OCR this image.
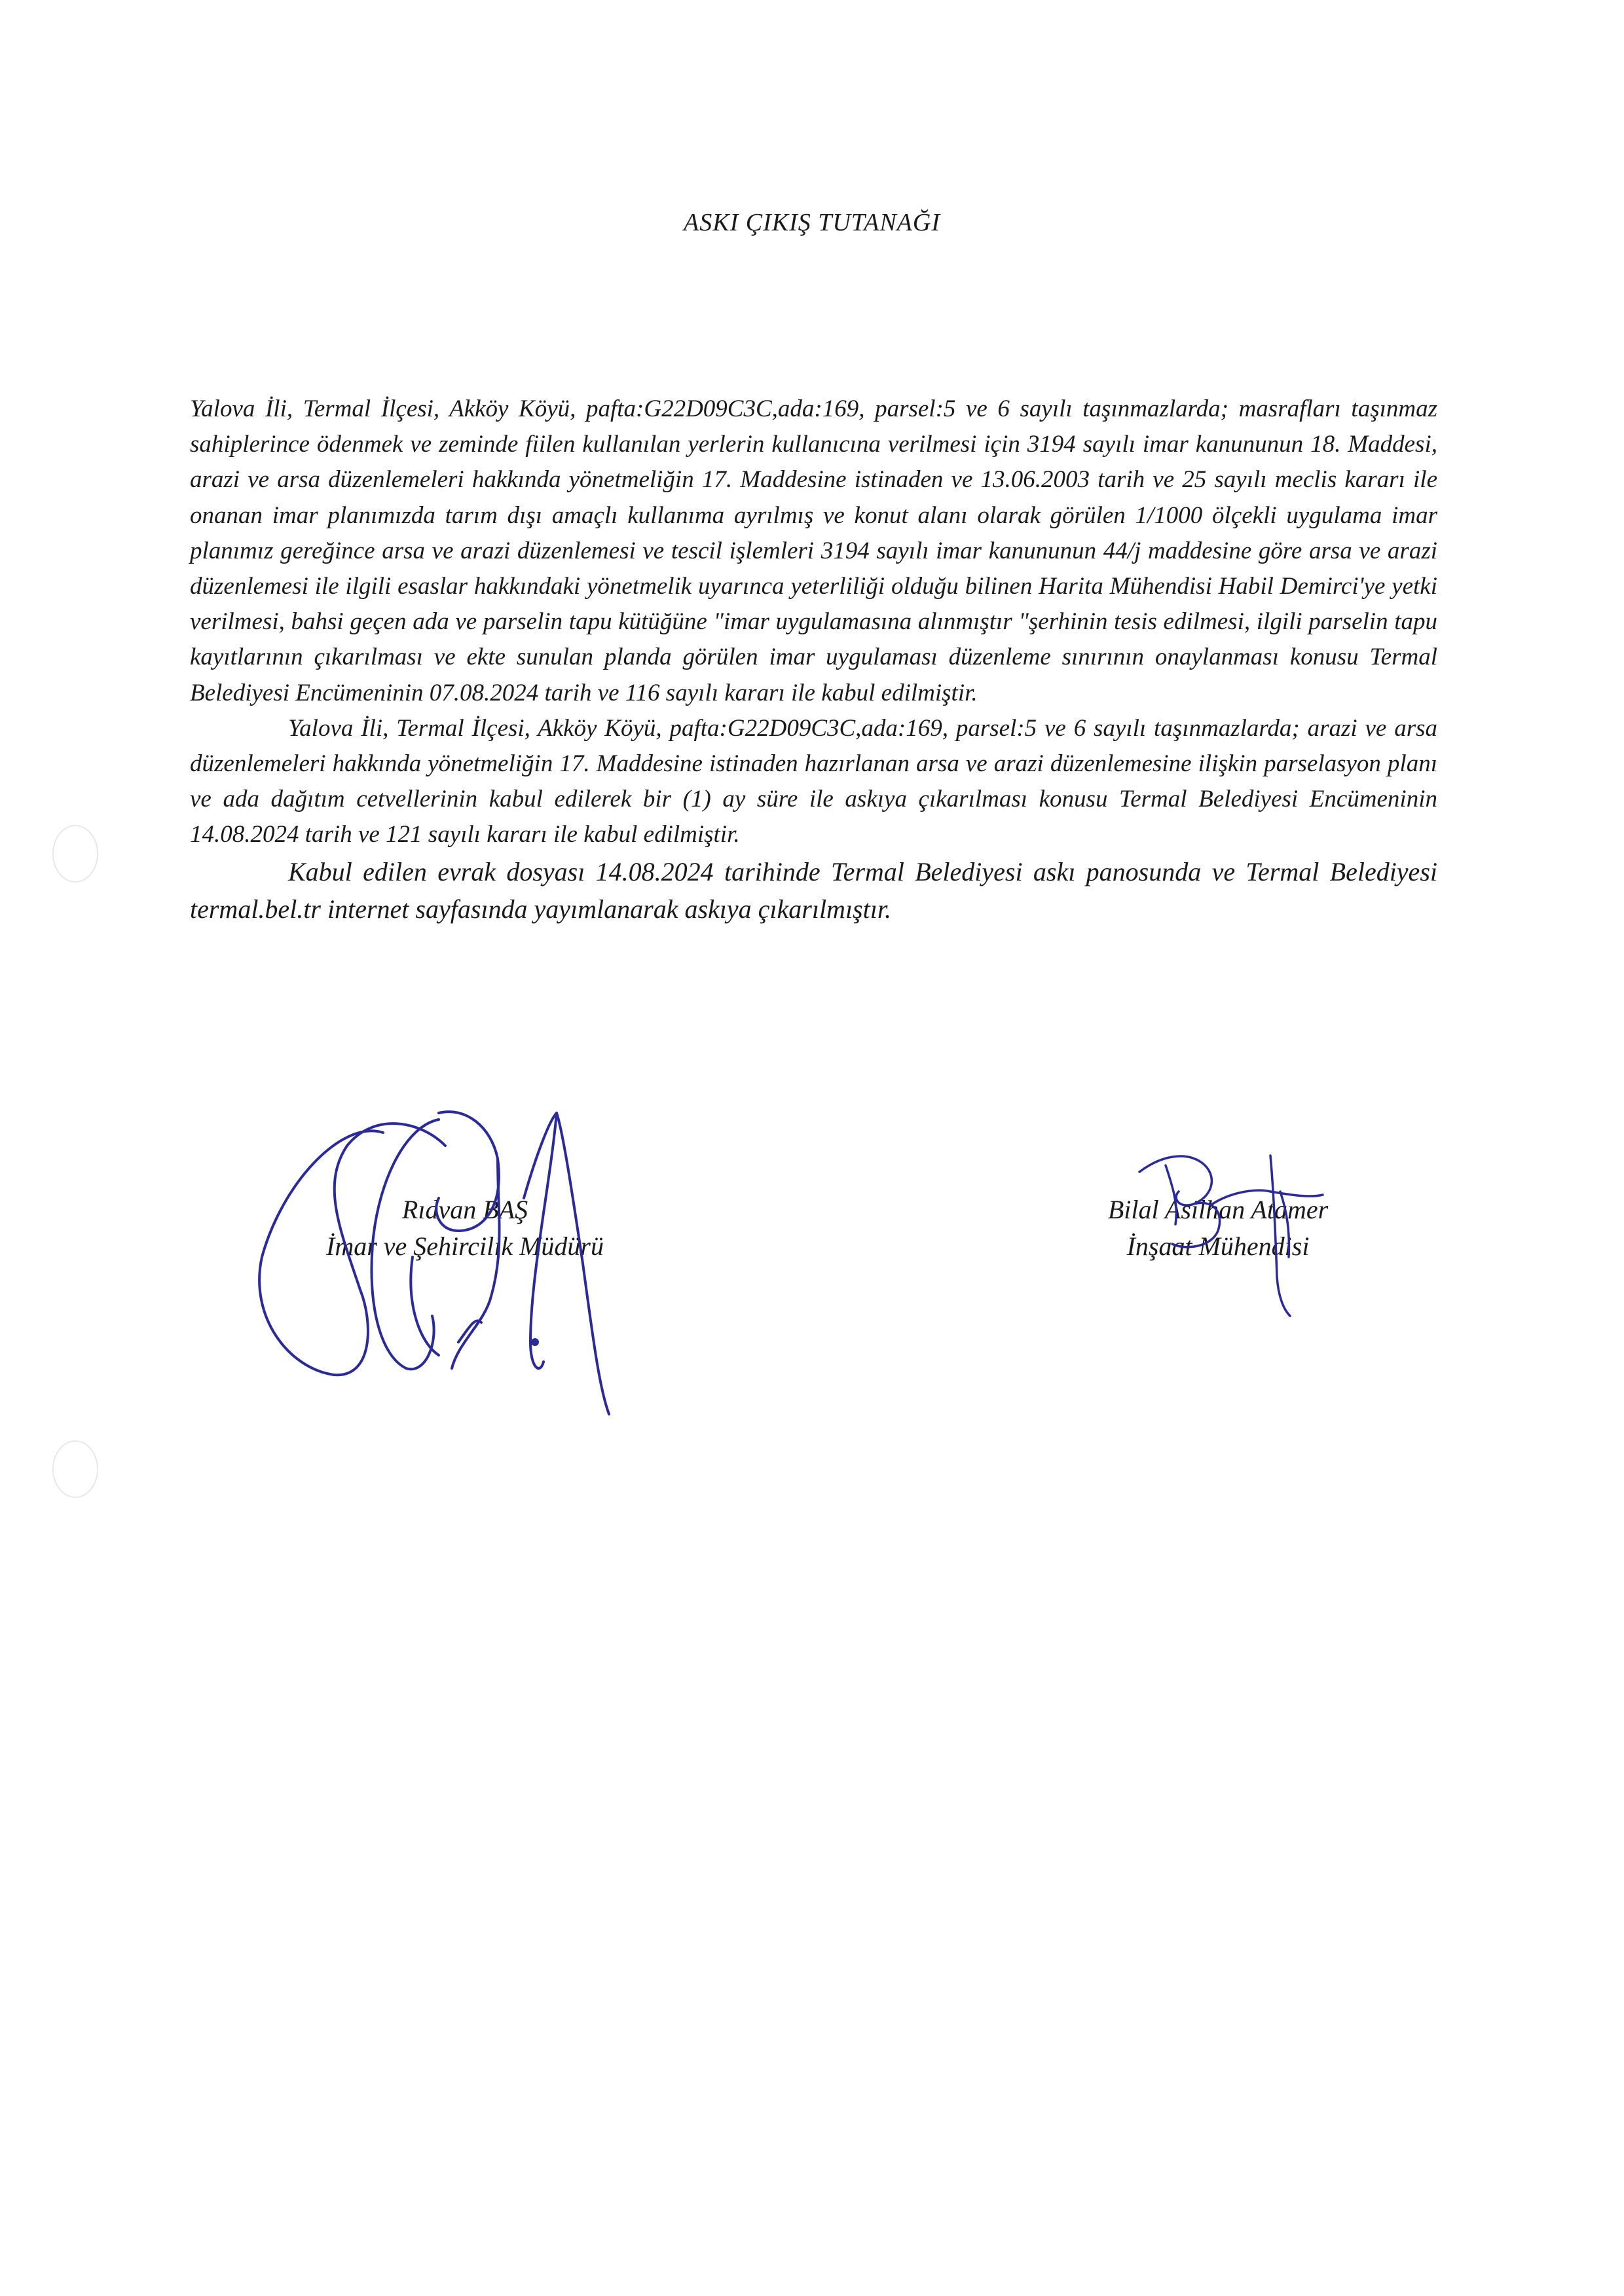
ASKI ÇIKIŞ TUTANAĞI

Yalova İli, Termal İlçesi, Akköy Köyü, pafta:G22D09C3C,ada:169, parsel:5 ve 6 sayılı taşınmazlarda; masrafları taşınmaz sahiplerince ödenmek ve zeminde fiilen kullanılan yerlerin kullanıcına verilmesi için 3194 sayılı imar kanununun 18. Maddesi, arazi ve arsa düzenlemeleri hakkında yönetmeliğin 17. Maddesine istinaden ve 13.06.2003 tarih ve 25 sayılı meclis kararı ile onanan imar planımızda tarım dışı amaçlı kullanıma ayrılmış ve konut alanı olarak görülen 1/1000 ölçekli uygulama imar planımız gereğince arsa ve arazi düzenlemesi ve tescil işlemleri 3194 sayılı imar kanununun 44/j maddesine göre arsa ve arazi düzenlemesi ile ilgili esaslar hakkındaki yönetmelik uyarınca yeterliliği olduğu bilinen Harita Mühendisi Habil Demirci'ye yetki verilmesi, bahsi geçen ada ve parselin tapu kütüğüne "imar uygulamasına alınmıştır "şerhinin tesis edilmesi, ilgili parselin tapu kayıtlarının çıkarılması ve ekte sunulan planda görülen imar uygulaması düzenleme sınırının onaylanması konusu Termal Belediyesi Encümeninin 07.08.2024 tarih ve 116 sayılı kararı ile kabul edilmiştir.

Yalova İli, Termal İlçesi, Akköy Köyü, pafta:G22D09C3C,ada:169, parsel:5 ve 6 sayılı taşınmazlarda; arazi ve arsa düzenlemeleri hakkında yönetmeliğin 17. Maddesine istinaden hazırlanan arsa ve arazi düzenlemesine ilişkin parselasyon planı ve ada dağıtım cetvellerinin kabul edilerek bir (1) ay süre ile askıya çıkarılması konusu Termal Belediyesi Encümeninin 14.08.2024 tarih ve 121 sayılı kararı ile kabul edilmiştir.

Kabul edilen evrak dosyası 14.08.2024 tarihinde Termal Belediyesi askı panosunda ve Termal Belediyesi termal.bel.tr internet sayfasında yayımlanarak askıya çıkarılmıştır.

Rıdvan BAŞ
İmar ve Şehircilik Müdürü
Bilal Asilhan Atamer
İnşaat Mühendisi
